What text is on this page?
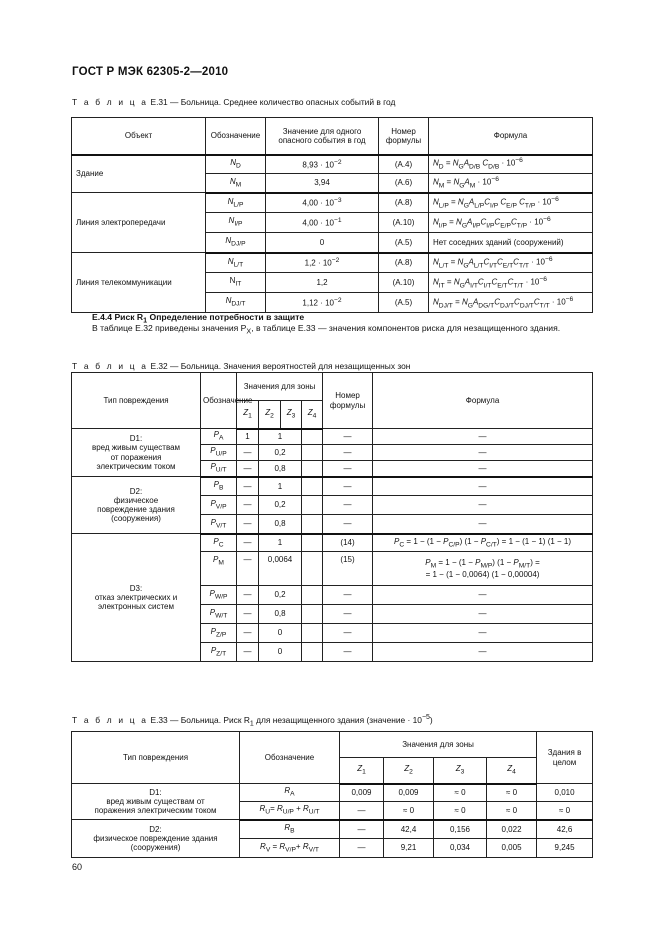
ГОСТ Р МЭК 62305-2—2010
Т а б л и ц а Е.31 — Больница. Среднее количество опасных событий в год
Объект	Обозначение	Значение для одного опасного события в год	Номер формулы	Формула
Здание	$N_D$	$8,93 \cdot 10^{-2}$	(А.4)	$N_D = N_GA_{D/B}$ $C_{D/B} \cdot 10^{-6}$
	$N_M$	3,94	(А.6)	$N_M = N_GA_M \cdot 10^{-6}$
Линия электропередачи	$N_{L/P}$	$4,00 \cdot 10^{-3}$	(А.8)	$N_{L/P} = N_GA_{L/P}C_{I/P}$ $C_{E/P}$ $C_{T/P} \cdot 10^{-6}$
	$N_{I/P}$	$4,00 \cdot 10^{-1}$	(А.10)	$N_{I/P} = N_GA_{I/P}C_{I/P}C_{E/P}C_{T/P} \cdot 10^{-6}$
	$N_{DJ/P}$	0	(А.5)	Нет соседних зданий (сооружений)
Линия телекоммуникации	$N_{L/T}$	$1,2 \cdot 10^{-2}$	(А.8)	$N_{L/T} = N_GA_{L/T}C_{I/T}C_{E/T}C_{T/T} \cdot 10^{-6}$
	$N_{IT}$	1,2	(А.10)	$N_{IT} = N_GA_{I/T}C_{I/T}C_{E/T}C_{T/T} \cdot 10^{-6}$
	$N_{DJ/T}$	$1,12 \cdot 10^{-2}$	(А.5)	$N_{DJ/T} = N_GA_{DG/T}C_{DJ/T}C_{DJ/T}C_{T/T} \cdot 10^{-6}$
Е.4.4 Риск $R_1$ Определение потребности в защите
В таблице Е.32 приведены значения $P_X$, в таблице Е.33 — значения компонентов риска для незащищенного здания.
Т а б л и ц а Е.32 — Больница. Значения вероятностей для незащищенных зон
Тип повреждения	Обозначение	Значения для зоны				Номер формулы	Формула
		$Z_1$	$Z_2$	$Z_3$	$Z_4$
D1:
вред живым существам
от поражения
электрическим током	$P_A$	1	1			—	—
	$P_{U/P}$	—	0,2			—	—
	$P_{U/T}$	—	0,8			—	—
D2:
физическое
повреждение здания
(сооружения)	$P_B$	—	1			—	—
	$P_{V/P}$	—	0,2			—	—
	$P_{V/T}$	—	0,8			—	—
D3:
отказ электрических и
электронных систем	$P_C$	—	1			(14)	$P_C = 1 - (1 - P_{C/P}) (1 - P_{C/T}) = 1 - (1 - 1) (1 - 1)$
	$P_M$	—	0,0064			(15)	$P_M = 1 - (1 - P_{M/P}) (1 - P_{M/T})$ =
= 1 − (1 − 0,0064) (1 − 0,00004)
	$P_{W/P}$	—	0,2			—	—
	$P_{W/T}$	—	0,8			—	—
	$P_{Z/P}$	—	0			—	—
	$P_{Z/T}$	—	0			—	—
Т а б л и ц а Е.33 — Больница. Риск $R_1$ для незащищенного здания (значение · $10^{-5}$)
Тип повреждения	Обозначение	Значения для зоны				Здания в целом
		$Z_1$	$Z_2$	$Z_3$	$Z_4$
D1:
вред живым существам от
поражения электрическим током	$R_A$	0,009	0,009	≈ 0	≈ 0	0,010
	$R_U= R_{U/P} + R_{U/T}$	—	≈ 0	≈ 0	≈ 0	≈ 0
D2:
физическое повреждение здания
(сооружения)	$R_B$	—	42,4	0,156	0,022	42,6
	$R_V = R_{V/P}+ R_{V/T}$	—	9,21	0,034	0,005	9,245
60
